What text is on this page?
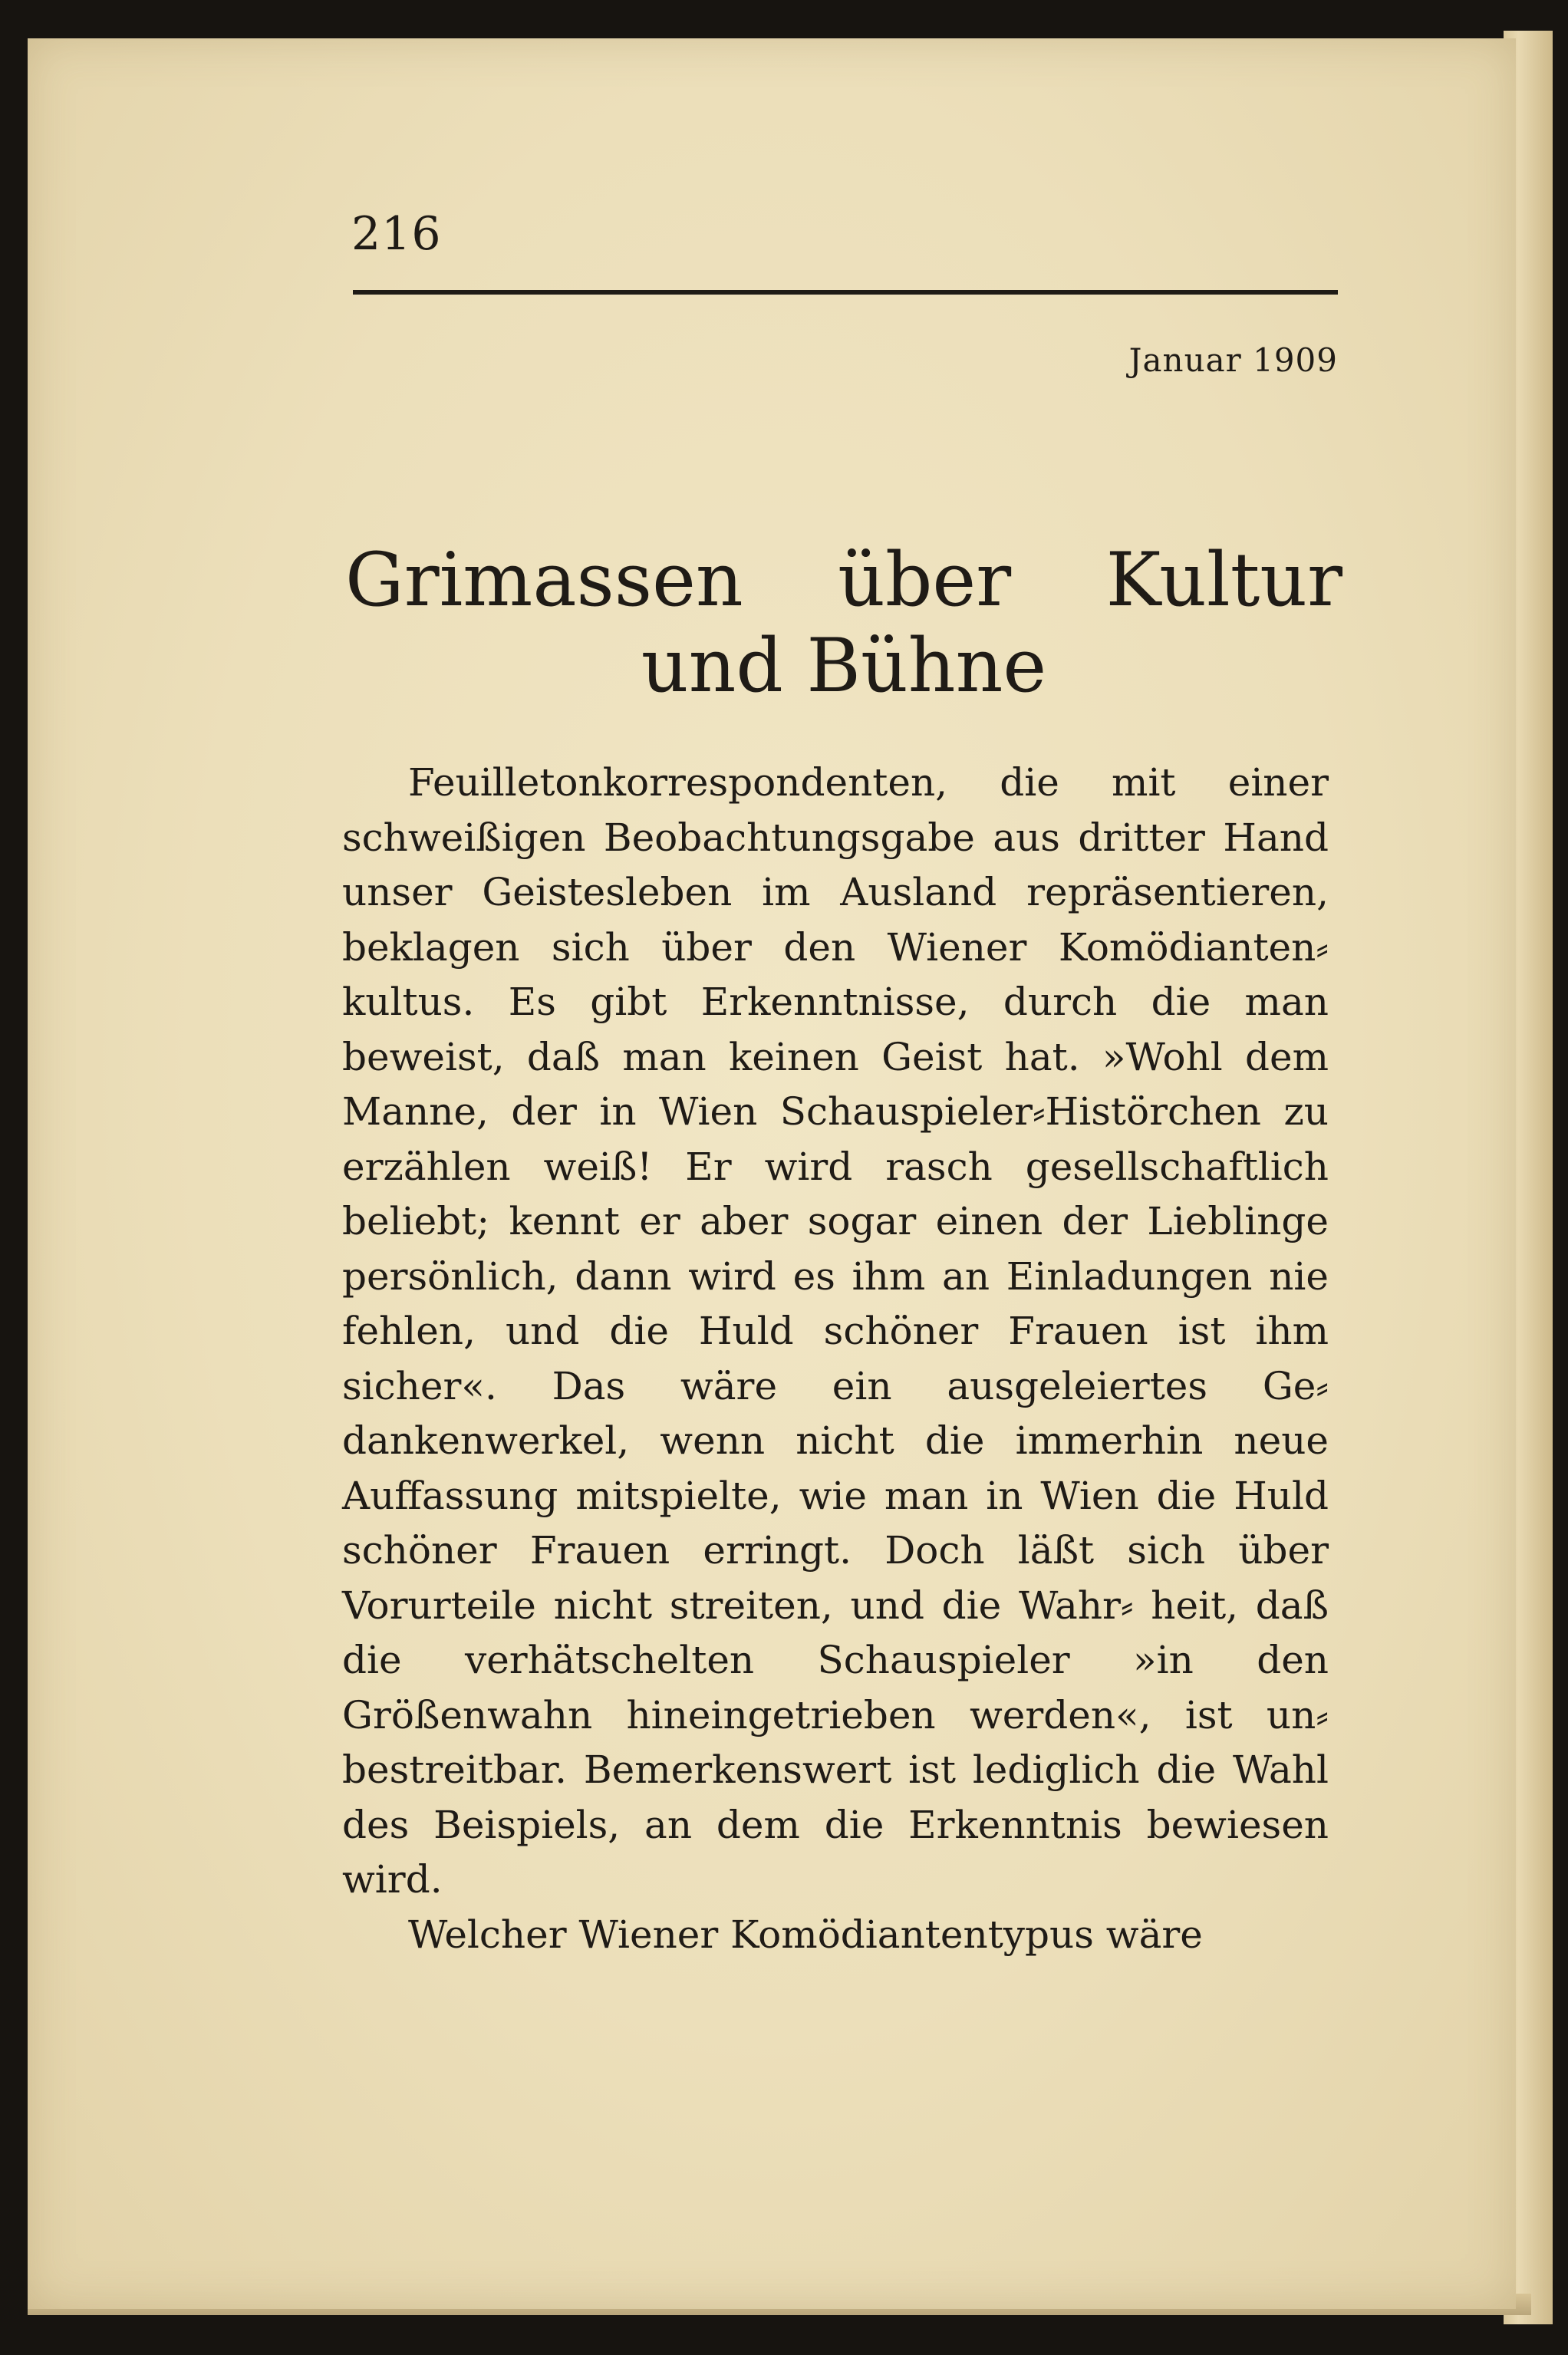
216
Januar 1909
Grimassen über Kultur und Bühne

Feuilletonkorrespondenten, die mit einer schweißigen Beobachtungsgabe aus dritter Hand unser Geistesleben im Ausland repräsentieren, beklagen sich über den Wiener Komödianten⸗ kultus. Es gibt Erkenntnisse, durch die man beweist, daß man keinen Geist hat. »Wohl dem Manne, der in Wien Schauspieler⸗Histörchen zu erzählen weiß! Er wird rasch gesellschaftlich beliebt; kennt er aber sogar einen der Lieblinge persönlich, dann wird es ihm an Einladungen nie fehlen, und die Huld schöner Frauen ist ihm sicher«. Das wäre ein ausgeleiertes Ge⸗ dankenwerkel, wenn nicht die immerhin neue Auffassung mitspielte, wie man in Wien die Huld schöner Frauen erringt. Doch läßt sich über Vorurteile nicht streiten, und die Wahr⸗ heit, daß die verhätschelten Schauspieler »in den Größenwahn hineingetrieben werden«, ist un⸗ bestreitbar. Bemerkenswert ist lediglich die Wahl des Beispiels, an dem die Erkenntnis bewiesen wird.

Welcher Wiener Komödiantentypus wäre
